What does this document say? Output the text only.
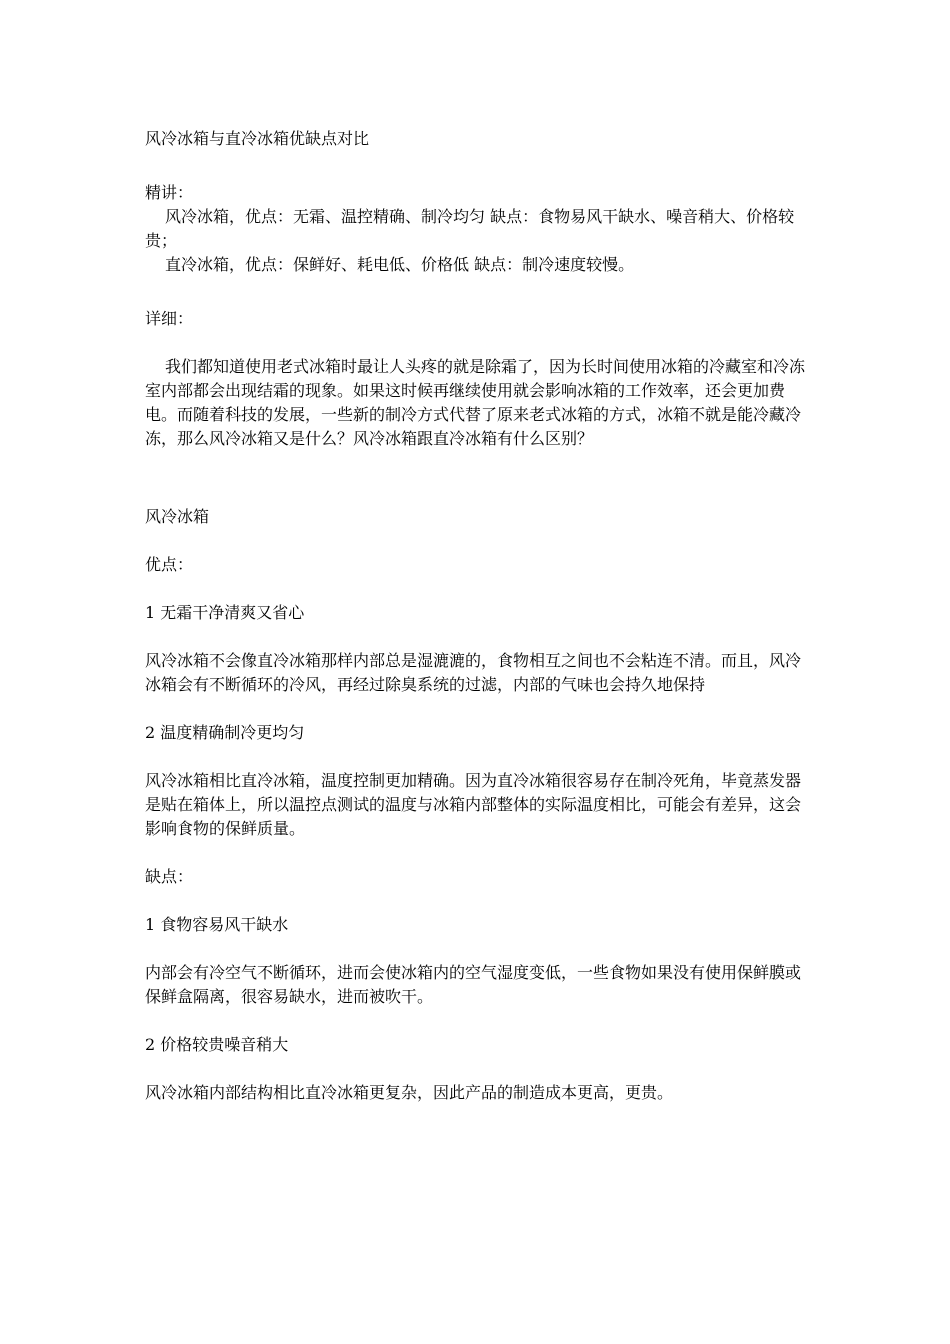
风冷冰箱与直冷冰箱优缺点对比

精讲：

风冷冰箱，优点：无霜、温控精确、制冷均匀 缺点：食物易风干缺水、噪音稍大、价格较贵；

直冷冰箱，优点：保鲜好、耗电低、价格低 缺点：制冷速度较慢。

详细：

我们都知道使用老式冰箱时最让人头疼的就是除霜了，因为长时间使用冰箱的冷藏室和冷冻室内部都会出现结霜的现象。如果这时候再继续使用就会影响冰箱的工作效率，还会更加费电。而随着科技的发展，一些新的制冷方式代替了原来老式冰箱的方式，冰箱不就是能冷藏冷冻，那么风冷冰箱又是什么？风冷冰箱跟直冷冰箱有什么区别？

风冷冰箱

优点：

1 无霜干净清爽又省心

风冷冰箱不会像直冷冰箱那样内部总是湿漉漉的，食物相互之间也不会粘连不清。而且，风冷冰箱会有不断循环的冷风，再经过除臭系统的过滤，内部的气味也会持久地保持

2 温度精确制冷更均匀

风冷冰箱相比直冷冰箱，温度控制更加精确。因为直冷冰箱很容易存在制冷死角，毕竟蒸发器是贴在箱体上，所以温控点测试的温度与冰箱内部整体的实际温度相比，可能会有差异，这会影响食物的保鲜质量。

缺点：

1 食物容易风干缺水

内部会有冷空气不断循环，进而会使冰箱内的空气湿度变低，一些食物如果没有使用保鲜膜或保鲜盒隔离，很容易缺水，进而被吹干。

2 价格较贵噪音稍大

风冷冰箱内部结构相比直冷冰箱更复杂，因此产品的制造成本更高，更贵。
